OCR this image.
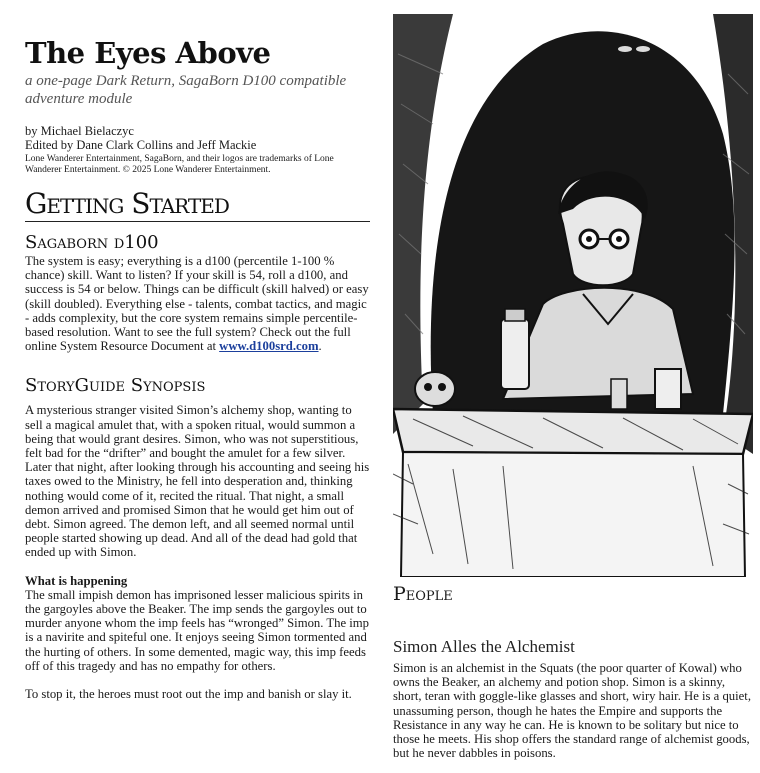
The Eyes Above
a one-page Dark Return, SagaBorn D100 compatible adventure module
by Michael Bielaczyc
Edited by Dane Clark Collins and Jeff Mackie
Lone Wanderer Entertainment, SagaBorn, and their logos are trademarks of Lone Wanderer Entertainment. © 2025 Lone Wanderer Entertainment.
Getting Started
Sagaborn d100

The system is easy; everything is a d100 (percentile 1-100 % chance) skill. Want to listen? If your skill is 54, roll a d100, and success is 54 or below. Things can be difficult (skill halved) or easy (skill doubled). Everything else - talents, combat tactics, and magic - adds complexity, but the core system remains simple percentile-based resolution. Want to see the full system? Check out the full online System Resource Document at www.d100srd.com.

StoryGuide Synopsis

A mysterious stranger visited Simon’s alchemy shop, wanting to sell a magical amulet that, with a spoken ritual, would summon a being that would grant desires. Simon, who was not superstitious, felt bad for the “drifter” and bought the amulet for a few silver. Later that night, after looking through his accounting and seeing his taxes owed to the Ministry, he fell into desperation and, thinking nothing would come of it, recited the ritual. That night, a small demon arrived and promised Simon that he would get him out of debt. Simon agreed. The demon left, and all seemed normal until people started showing up dead. And all of the dead had gold that ended up with Simon.

What is happening

The small impish demon has imprisoned lesser malicious spirits in the gargoyles above the Beaker. The imp sends the gargoyles out to murder anyone whom the imp feels has “wronged” Simon. The imp is a navirite and spiteful one. It enjoys seeing Simon tormented and the hurting of others. In some demented, magic way, this imp feeds off of this tragedy and has no empathy for others.

To stop it, the heroes must root out the imp and banish or slay it.

People
Simon Alles the Alchemist

Simon is an alchemist in the Squats (the poor quarter of Kowal) who owns the Beaker, an alchemy and potion shop. Simon is a skinny, short, teran with goggle-like glasses and short, wiry hair. He is a quiet, unassuming person, though he hates the Empire and supports the Resistance in any way he can. He is known to be solitary but nice to those he meets. His shop offers the standard range of alchemist goods, but he never dabbles in poisons.
